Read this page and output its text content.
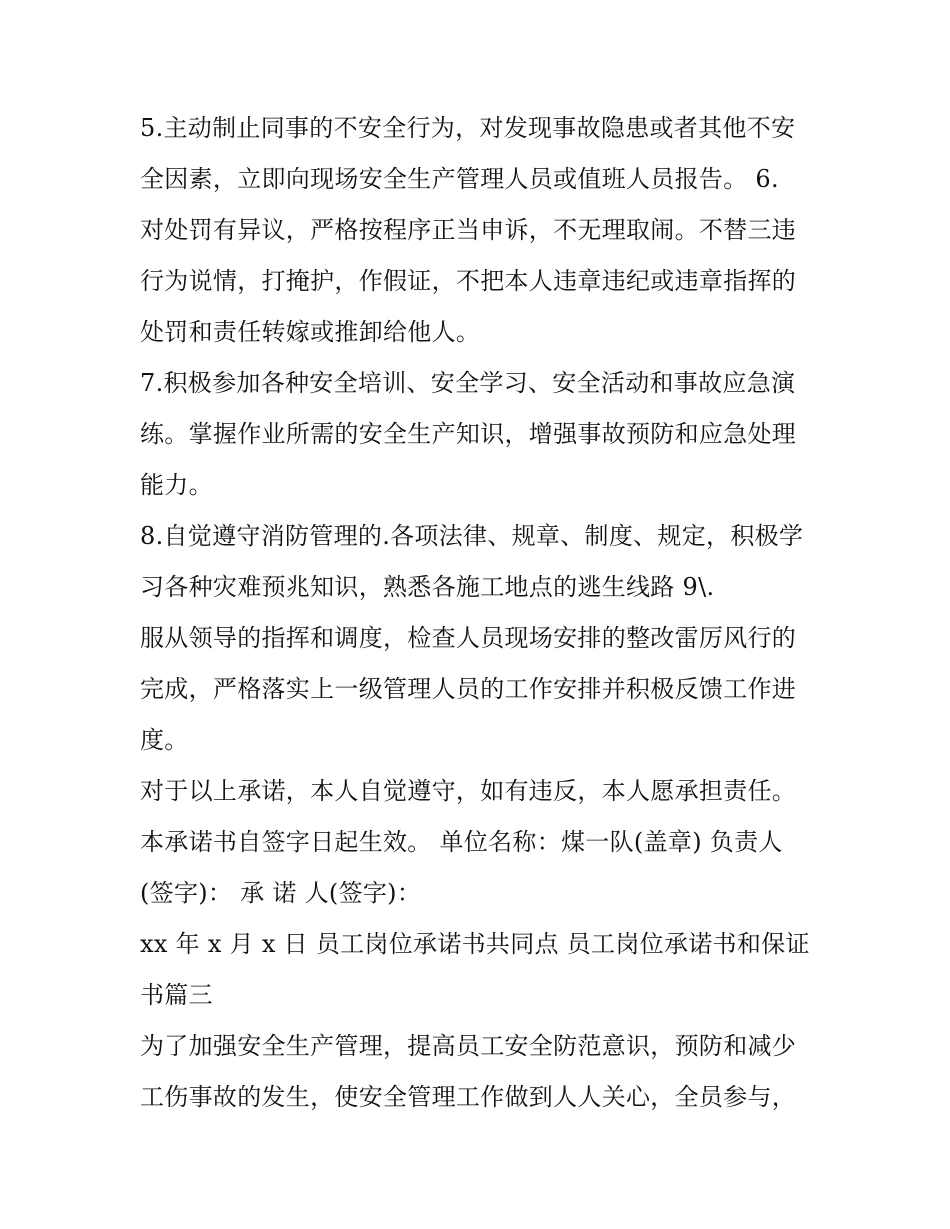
5.主动制止同事的不安全行为，对发现事故隐患或者其他不安
全因素，立即向现场安全生产管理人员或值班人员报告。 6.
对处罚有异议，严格按程序正当申诉，不无理取闹。不替三违
行为说情，打掩护，作假证，不把本人违章违纪或违章指挥的
处罚和责任转嫁或推卸给他人。
7.积极参加各种安全培训、安全学习、安全活动和事故应急演
练。掌握作业所需的安全生产知识，增强事故预防和应急处理
能力。
8.自觉遵守消防管理的.各项法律、规章、制度、规定，积极学
习各种灾难预兆知识，熟悉各施工地点的逃生线路 9\.
服从领导的指挥和调度，检查人员现场安排的整改雷厉风行的
完成，严格落实上一级管理人员的工作安排并积极反馈工作进
度。
对于以上承诺，本人自觉遵守，如有违反，本人愿承担责任。
本承诺书自签字日起生效。 单位名称：煤一队(盖章) 负责人
(签字)： 承 诺 人(签字)：
xx 年 x 月 x 日 员工岗位承诺书共同点 员工岗位承诺书和保证
书篇三
为了加强安全生产管理，提高员工安全防范意识，预防和减少
工伤事故的发生，使安全管理工作做到人人关心，全员参与，
